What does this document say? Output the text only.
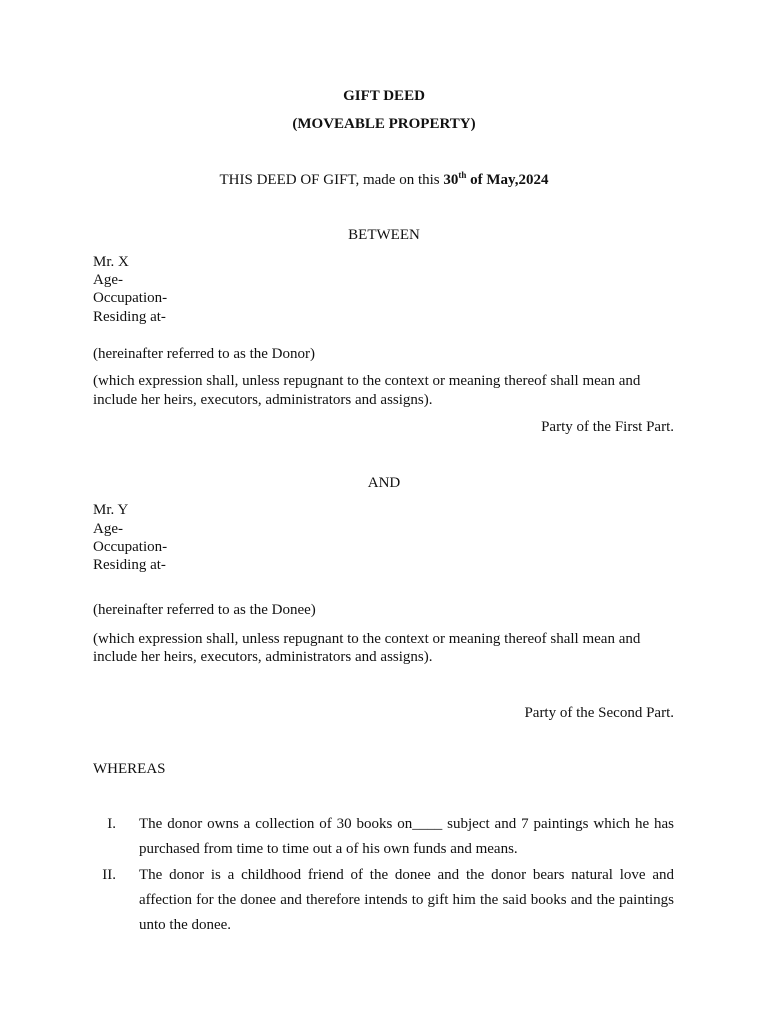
GIFT DEED
(MOVEABLE PROPERTY)
THIS DEED OF GIFT, made on this 30th of May,2024
BETWEEN
Mr. X
Age-
Occupation-
Residing at-
(hereinafter referred to as the Donor)
(which expression shall, unless repugnant to the context or meaning thereof shall mean and
include her heirs, executors, administrators and assigns).
Party of the First Part.
AND
Mr. Y
Age-
Occupation-
Residing at-
(hereinafter referred to as the Donee)
(which expression shall, unless repugnant to the context or meaning thereof shall mean and
include her heirs, executors, administrators and assigns).
Party of the Second Part.
WHEREAS
I. The donor owns a collection of 30 books on____ subject and 7 paintings which he has purchased from time to time out a of his own funds and means.
II. The donor is a childhood friend of the donee and the donor bears natural love and affection for the donee and therefore intends to gift him the said books and the paintings unto the donee.
